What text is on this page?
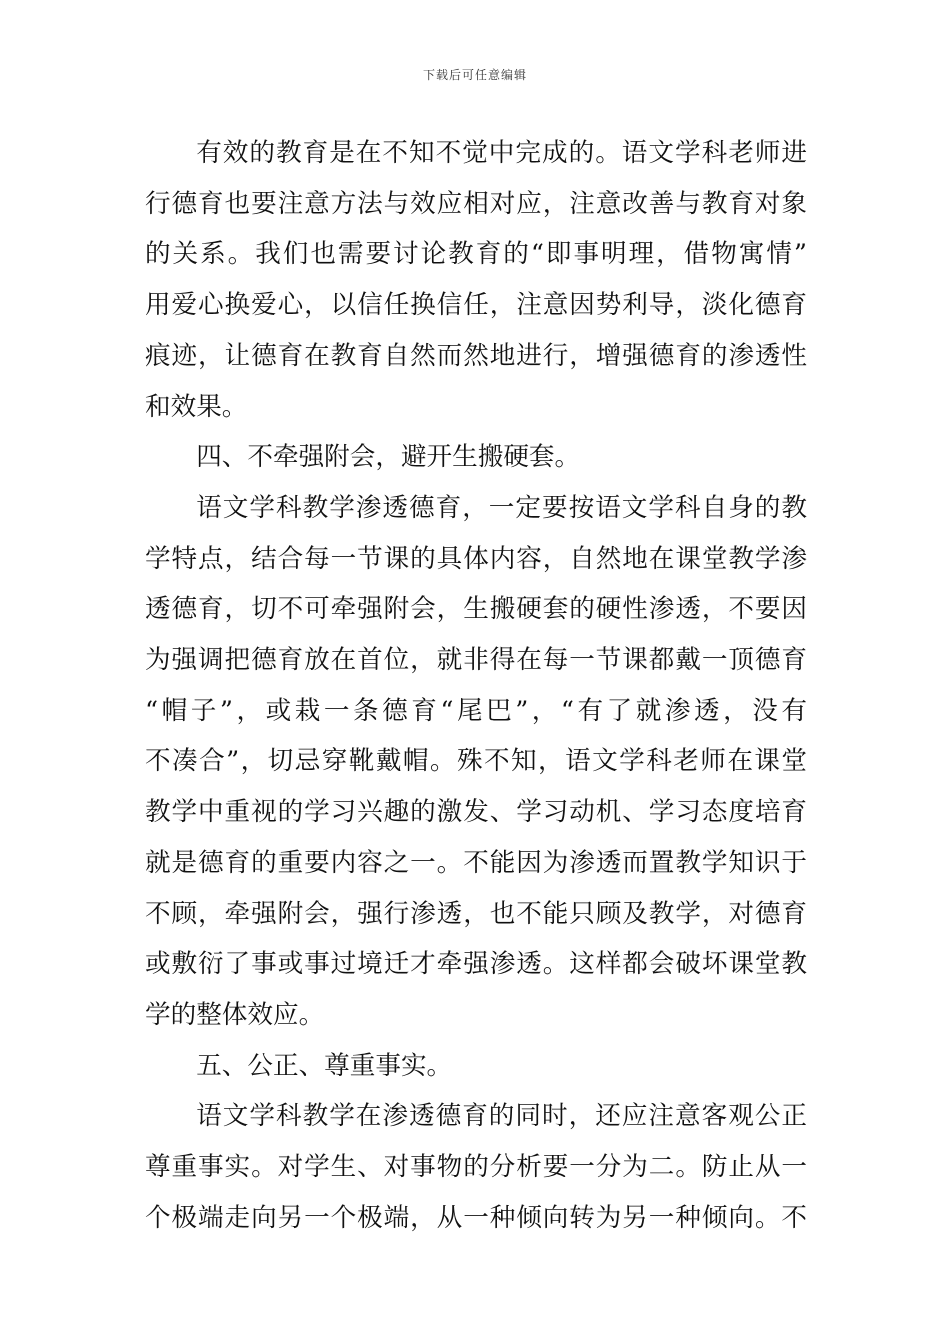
下载后可任意编辑
有效的教育是在不知不觉中完成的。语文学科老师进
行德育也要注意方法与效应相对应，注意改善与教育对象
的关系。我们也需要讨论教育的“即事明理，借物寓情”
用爱心换爱心，以信任换信任，注意因势利导，淡化德育
痕迹，让德育在教育自然而然地进行，增强德育的渗透性
和效果。
四、不牵强附会，避开生搬硬套。
语文学科教学渗透德育，一定要按语文学科自身的教
学特点，结合每一节课的具体内容，自然地在课堂教学渗
透德育，切不可牵强附会，生搬硬套的硬性渗透，不要因
为强调把德育放在首位，就非得在每一节课都戴一顶德育
“帽子”，或栽一条德育“尾巴”，“有了就渗透，没有
不凑合”，切忌穿靴戴帽。殊不知，语文学科老师在课堂
教学中重视的学习兴趣的激发、学习动机、学习态度培育
就是德育的重要内容之一。不能因为渗透而置教学知识于
不顾，牵强附会，强行渗透，也不能只顾及教学，对德育
或敷衍了事或事过境迁才牵强渗透。这样都会破坏课堂教
学的整体效应。
五、公正、尊重事实。
语文学科教学在渗透德育的同时，还应注意客观公正
尊重事实。对学生、对事物的分析要一分为二。防止从一
个极端走向另一个极端，从一种倾向转为另一种倾向。不
